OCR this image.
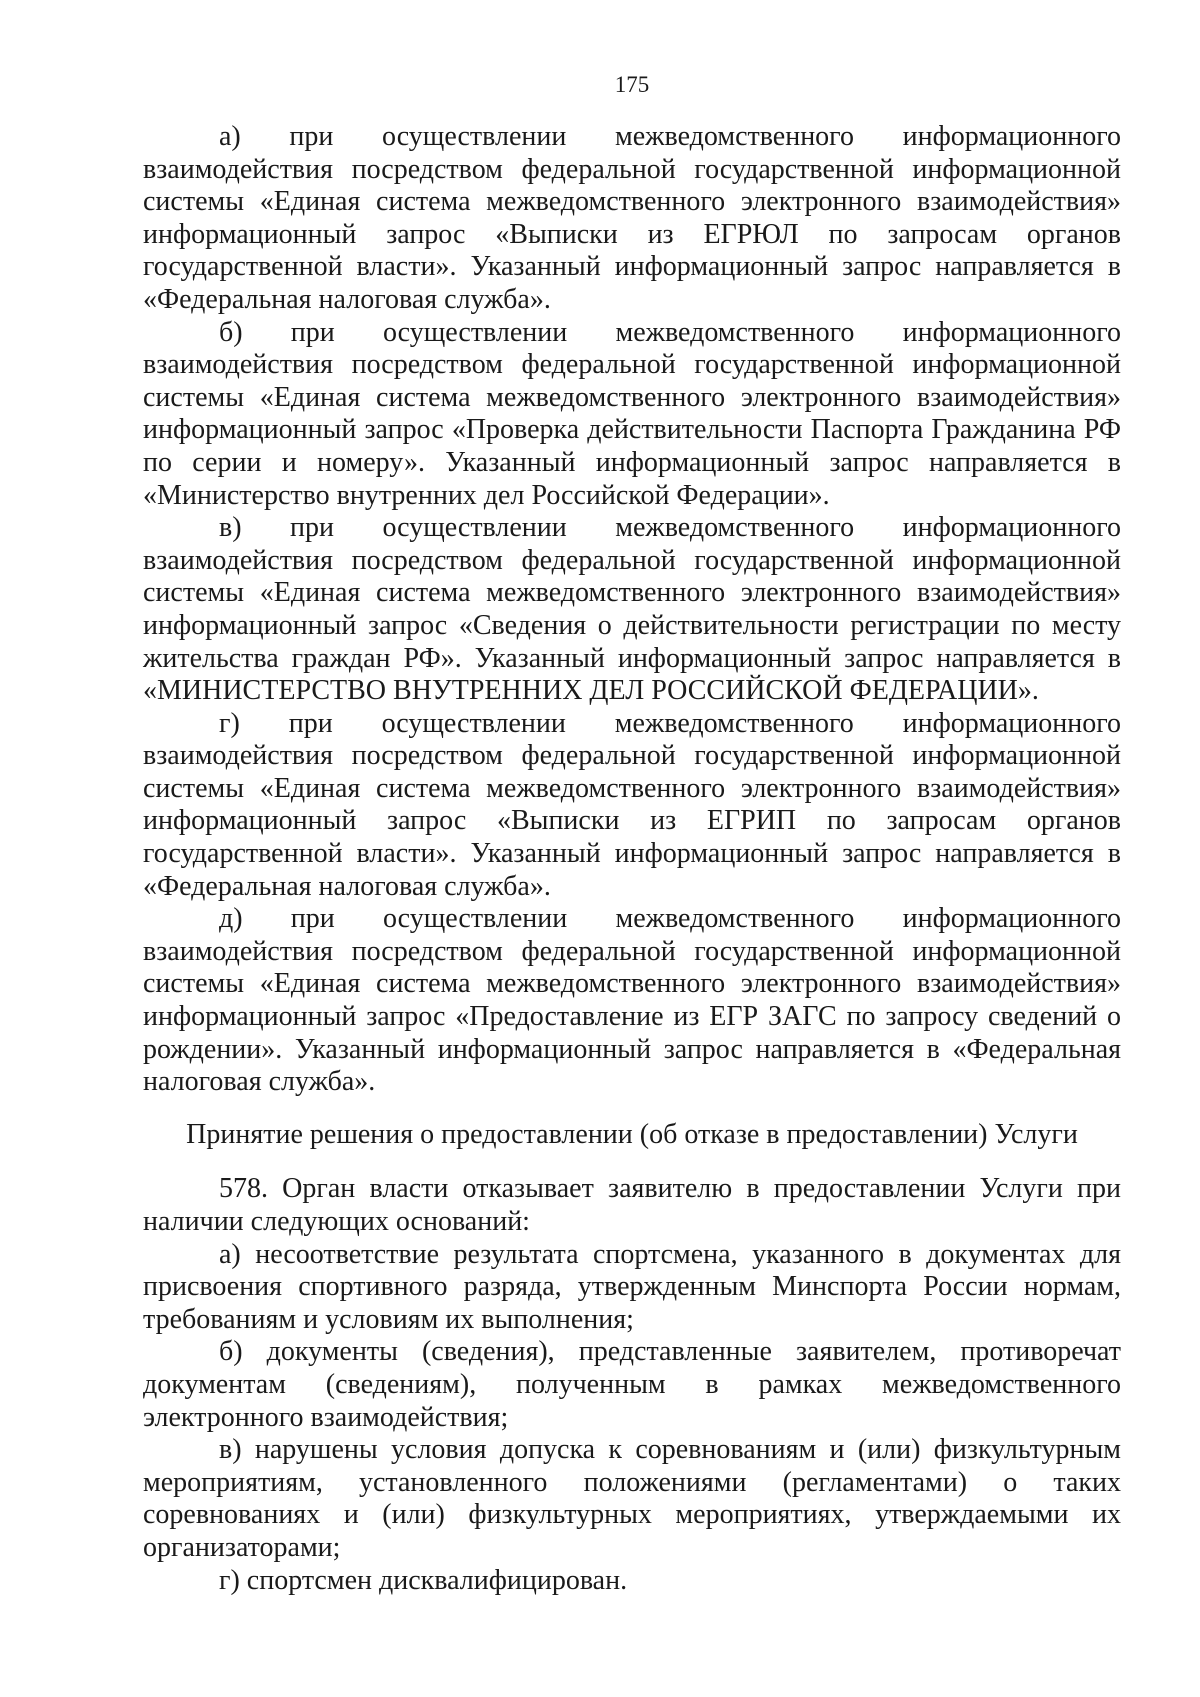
175

а) при осуществлении межведомственного информационного взаимодействия посредством федеральной государственной информационной системы «Единая система межведомственного электронного взаимодействия» информационный запрос «Выписки из ЕГРЮЛ по запросам органов государственной власти». Указанный информационный запрос направляется в «Федеральная налоговая служба».

б) при осуществлении межведомственного информационного взаимодействия посредством федеральной государственной информационной системы «Единая система межведомственного электронного взаимодействия» информационный запрос «Проверка действительности Паспорта Гражданина РФ по серии и номеру». Указанный информационный запрос направляется в «Министерство внутренних дел Российской Федерации».

в) при осуществлении межведомственного информационного взаимодействия посредством федеральной государственной информационной системы «Единая система межведомственного электронного взаимодействия» информационный запрос «Сведения о действительности регистрации по месту жительства граждан РФ». Указанный информационный запрос направляется в «МИНИСТЕРСТВО ВНУТРЕННИХ ДЕЛ РОССИЙСКОЙ ФЕДЕРАЦИИ».

г) при осуществлении межведомственного информационного взаимодействия посредством федеральной государственной информационной системы «Единая система межведомственного электронного взаимодействия» информационный запрос «Выписки из ЕГРИП по запросам органов государственной власти». Указанный информационный запрос направляется в «Федеральная налоговая служба».

д) при осуществлении межведомственного информационного взаимодействия посредством федеральной государственной информационной системы «Единая система межведомственного электронного взаимодействия» информационный запрос «Предоставление из ЕГР ЗАГС по запросу сведений о рождении». Указанный информационный запрос направляется в «Федеральная налоговая служба».

Принятие решения о предоставлении (об отказе в предоставлении) Услуги

578. Орган власти отказывает заявителю в предоставлении Услуги при наличии следующих оснований:

а) несоответствие результата спортсмена, указанного в документах для присвоения спортивного разряда, утвержденным Минспорта России нормам, требованиям и условиям их выполнения;

б) документы (сведения), представленные заявителем, противоречат документам (сведениям), полученным в рамках межведомственного электронного взаимодействия;

в) нарушены условия допуска к соревнованиям и (или) физкультурным мероприятиям, установленного положениями (регламентами) о таких соревнованиях и (или) физкультурных мероприятиях, утверждаемыми их организаторами;

г) спортсмен дисквалифицирован.
